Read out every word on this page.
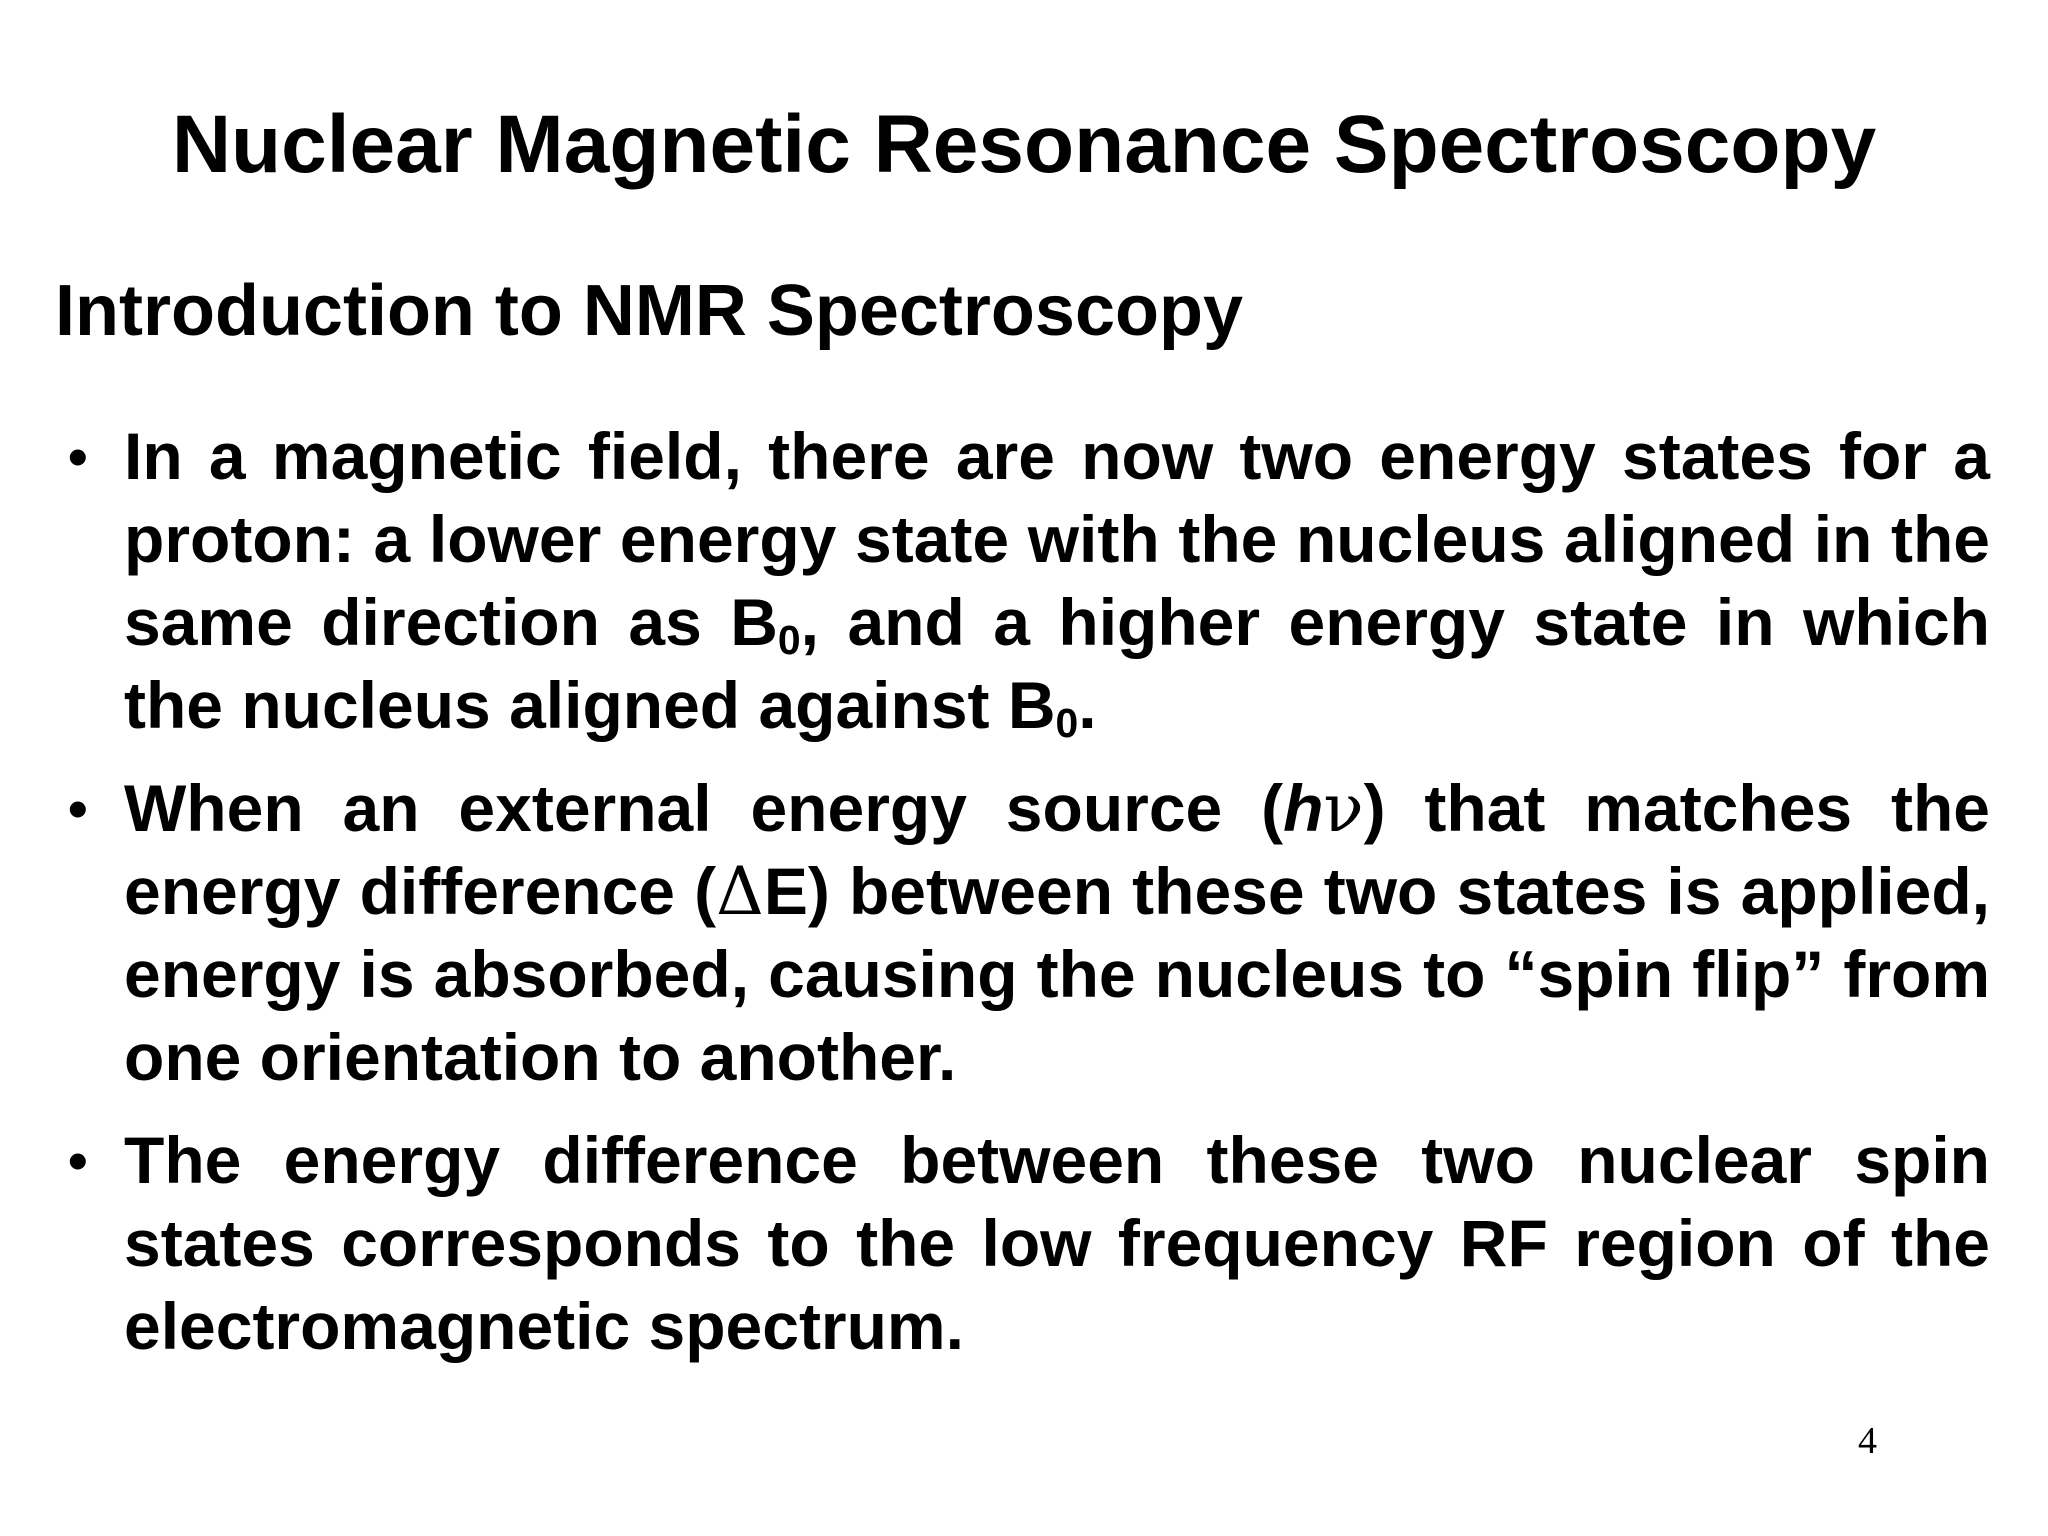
Nuclear Magnetic Resonance Spectroscopy
Introduction to NMR Spectroscopy
• In a magnetic field, there are now two energy states for a proton: a lower energy state with the nucleus aligned in the same direction as $B_0$, and a higher energy state in which the nucleus aligned against $B_0$.
• When an external energy source (hν) that matches the energy difference (ΔE) between these two states is applied, energy is absorbed, causing the nucleus to “spin flip” from one orientation to another.
• The energy difference between these two nuclear spin states corresponds to the low frequency RF region of the electromagnetic spectrum.
4
